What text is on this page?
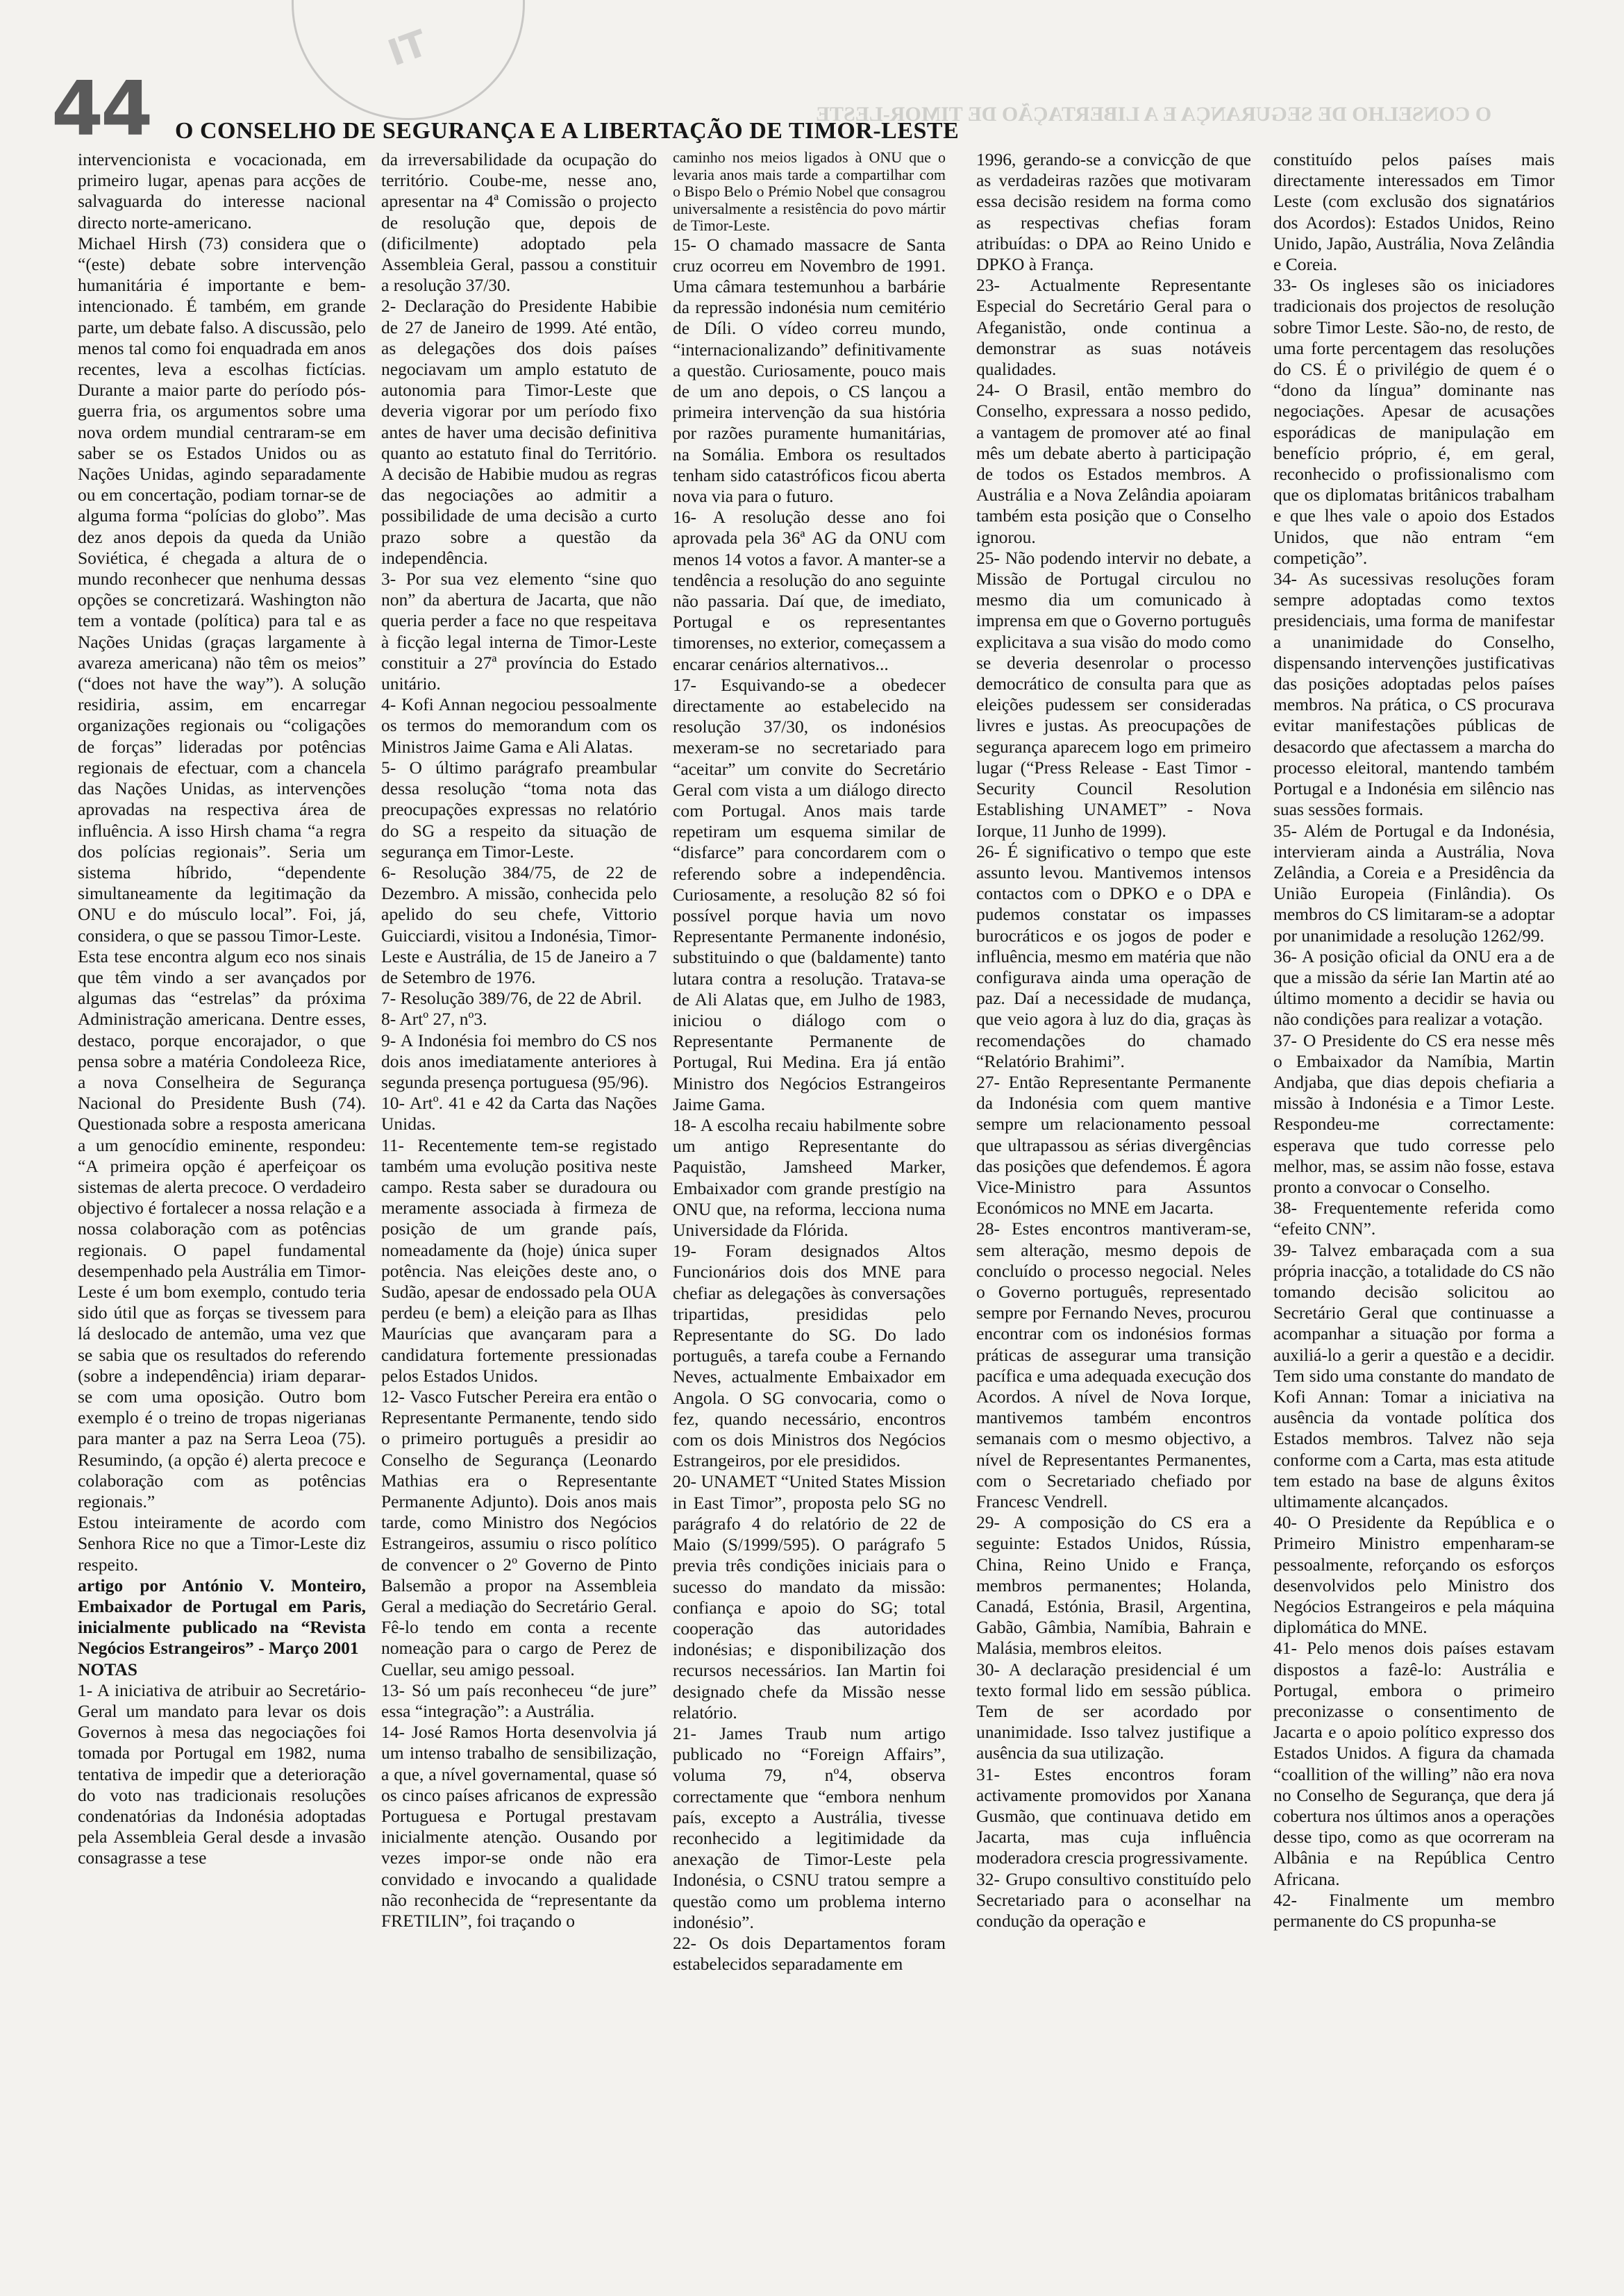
IT
44 O CONSELHO DE SEGURANÇA E A LIBERTAÇÃO DE TIMOR-LESTE
O CONSELHO DE SEGURANÇA E A LIBERTAÇÃO DE TIMOR-LESTE

intervencionista e vocacionada, em primeiro lugar, apenas para acções de salvaguarda do interesse nacional directo norte-americano.

Michael Hirsh (73) considera que o “(este) debate sobre intervenção humanitária é importante e bem-intencionado. É também, em grande parte, um debate falso. A discussão, pelo menos tal como foi enquadrada em anos recentes, leva a escolhas fictícias. Durante a maior parte do período pós-guerra fria, os argumentos sobre uma nova ordem mundial centraram-se em saber se os Estados Unidos ou as Nações Unidas, agindo separadamente ou em concertação, podiam tornar-se de alguma forma “polícias do globo”. Mas dez anos depois da queda da União Soviética, é chegada a altura de o mundo reconhecer que nenhuma dessas opções se concretizará. Washington não tem a vontade (política) para tal e as Nações Unidas (graças largamente à avareza americana) não têm os meios” (“does not have the way”). A solução residiria, assim, em encarregar organizações regionais ou “coligações de forças” lideradas por potências regionais de efectuar, com a chancela das Nações Unidas, as intervenções aprovadas na respectiva área de influência. A isso Hirsh chama “a regra dos polícias regionais”. Seria um sistema híbrido, “dependente simultaneamente da legitimação da ONU e do músculo local”. Foi, já, considera, o que se passou Timor-Leste.

Esta tese encontra algum eco nos sinais que têm vindo a ser avançados por algumas das “estrelas” da próxima Administração americana. Dentre esses, destaco, porque encorajador, o que pensa sobre a matéria Condoleeza Rice, a nova Conselheira de Segurança Nacional do Presidente Bush (74). Questionada sobre a resposta americana a um genocídio eminente, respondeu: “A primeira opção é aperfeiçoar os sistemas de alerta precoce. O verdadeiro objectivo é fortalecer a nossa relação e a nossa colaboração com as potências regionais. O papel fundamental desempenhado pela Austrália em Timor-Leste é um bom exemplo, contudo teria sido útil que as forças se tivessem para lá deslocado de antemão, uma vez que se sabia que os resultados do referendo (sobre a independência) iriam deparar-se com uma oposição. Outro bom exemplo é o treino de tropas nigerianas para manter a paz na Serra Leoa (75). Resumindo, (a opção é) alerta precoce e colaboração com as potências regionais.”

Estou inteiramente de acordo com Senhora Rice no que a Timor-Leste diz respeito.

artigo por António V. Monteiro, Embaixador de Portugal em Paris, inicialmente publicado na “Revista Negócios Estrangeiros” - Março 2001

NOTAS

1- A iniciativa de atribuir ao Secretário-Geral um mandato para levar os dois Governos à mesa das negociações foi tomada por Portugal em 1982, numa tentativa de impedir que a deterioração do voto nas tradicionais resoluções condenatórias da Indonésia adoptadas pela Assembleia Geral desde a invasão consagrasse a tese

da irreversabilidade da ocupação do território. Coube-me, nesse ano, apresentar na 4ª Comissão o projecto de resolução que, depois de (dificilmente) adoptado pela Assembleia Geral, passou a constituir a resolução 37/30.

2- Declaração do Presidente Habibie de 27 de Janeiro de 1999. Até então, as delegações dos dois países negociavam um amplo estatuto de autonomia para Timor-Leste que deveria vigorar por um período fixo antes de haver uma decisão definitiva quanto ao estatuto final do Território. A decisão de Habibie mudou as regras das negociações ao admitir a possibilidade de uma decisão a curto prazo sobre a questão da independência.

3- Por sua vez elemento “sine quo non” da abertura de Jacarta, que não queria perder a face no que respeitava à ficção legal interna de Timor-Leste constituir a 27ª província do Estado unitário.

4- Kofi Annan negociou pessoalmente os termos do memorandum com os Ministros Jaime Gama e Ali Alatas.

5- O último parágrafo preambular dessa resolução “toma nota das preocupações expressas no relatório do SG a respeito da situação de segurança em Timor-Leste.

6- Resolução 384/75, de 22 de Dezembro. A missão, conhecida pelo apelido do seu chefe, Vittorio Guicciardi, visitou a Indonésia, Timor-Leste e Austrália, de 15 de Janeiro a 7 de Setembro de 1976.

7- Resolução 389/76, de 22 de Abril.

8- Artº 27, nº3.

9- A Indonésia foi membro do CS nos dois anos imediatamente anteriores à segunda presença portuguesa (95/96).

10- Artº. 41 e 42 da Carta das Nações Unidas.

11- Recentemente tem-se registado também uma evolução positiva neste campo. Resta saber se duradoura ou meramente associada à firmeza de posição de um grande país, nomeadamente da (hoje) única super potência. Nas eleições deste ano, o Sudão, apesar de endossado pela OUA perdeu (e bem) a eleição para as Ilhas Maurícias que avançaram para a candidatura fortemente pressionadas pelos Estados Unidos.

12- Vasco Futscher Pereira era então o Representante Permanente, tendo sido o primeiro português a presidir ao Conselho de Segurança (Leonardo Mathias era o Representante Permanente Adjunto). Dois anos mais tarde, como Ministro dos Negócios Estrangeiros, assumiu o risco político de convencer o 2º Governo de Pinto Balsemão a propor na Assembleia Geral a mediação do Secretário Geral. Fê-lo tendo em conta a recente nomeação para o cargo de Perez de Cuellar, seu amigo pessoal.

13- Só um país reconheceu “de jure” essa “integração”: a Austrália.

14- José Ramos Horta desenvolvia já um intenso trabalho de sensibilização, a que, a nível governamental, quase só os cinco países africanos de expressão Portuguesa e Portugal prestavam inicialmente atenção. Ousando por vezes impor-se onde não era convidado e invocando a qualidade não reconhecida de “representante da FRETILIN”, foi traçando o

caminho nos meios ligados à ONU que o levaria anos mais tarde a compartilhar com o Bispo Belo o Prémio Nobel que consagrou universalmente a resistência do povo mártir de Timor-Leste.

15- O chamado massacre de Santa cruz ocorreu em Novembro de 1991. Uma câmara testemunhou a barbárie da repressão indonésia num cemitério de Díli. O vídeo correu mundo, “internacionalizando” definitivamente a questão. Curiosamente, pouco mais de um ano depois, o CS lançou a primeira intervenção da sua história por razões puramente humanitárias, na Somália. Embora os resultados tenham sido catastróficos ficou aberta nova via para o futuro.

16- A resolução desse ano foi aprovada pela 36ª AG da ONU com menos 14 votos a favor. A manter-se a tendência a resolução do ano seguinte não passaria. Daí que, de imediato, Portugal e os representantes timorenses, no exterior, começassem a encarar cenários alternativos...

17- Esquivando-se a obedecer directamente ao estabelecido na resolução 37/30, os indonésios mexeram-se no secretariado para “aceitar” um convite do Secretário Geral com vista a um diálogo directo com Portugal. Anos mais tarde repetiram um esquema similar de “disfarce” para concordarem com o referendo sobre a independência. Curiosamente, a resolução 82 só foi possível porque havia um novo Representante Permanente indonésio, substituindo o que (baldamente) tanto lutara contra a resolução. Tratava-se de Ali Alatas que, em Julho de 1983, iniciou o diálogo com o Representante Permanente de Portugal, Rui Medina. Era já então Ministro dos Negócios Estrangeiros Jaime Gama.

18- A escolha recaiu habilmente sobre um antigo Representante do Paquistão, Jamsheed Marker, Embaixador com grande prestígio na ONU que, na reforma, lecciona numa Universidade da Flórida.

19- Foram designados Altos Funcionários dois dos MNE para chefiar as delegações às conversações tripartidas, presididas pelo Representante do SG. Do lado português, a tarefa coube a Fernando Neves, actualmente Embaixador em Angola. O SG convocaria, como o fez, quando necessário, encontros com os dois Ministros dos Negócios Estrangeiros, por ele presididos.

20- UNAMET “United States Mission in East Timor”, proposta pelo SG no parágrafo 4 do relatório de 22 de Maio (S/1999/595). O parágrafo 5 previa três condições iniciais para o sucesso do mandato da missão: confiança e apoio do SG; total cooperação das autoridades indonésias; e disponibilização dos recursos necessários. Ian Martin foi designado chefe da Missão nesse relatório.

21- James Traub num artigo publicado no “Foreign Affairs”, voluma 79, nº4, observa correctamente que “embora nenhum país, excepto a Austrália, tivesse reconhecido a legitimidade da anexação de Timor-Leste pela Indonésia, o CSNU tratou sempre a questão como um problema interno indonésio”.

22- Os dois Departamentos foram estabelecidos separadamente em

1996, gerando-se a convicção de que as verdadeiras razões que motivaram essa decisão residem na forma como as respectivas chefias foram atribuídas: o DPA ao Reino Unido e DPKO à França.

23- Actualmente Representante Especial do Secretário Geral para o Afeganistão, onde continua a demonstrar as suas notáveis qualidades.

24- O Brasil, então membro do Conselho, expressara a nosso pedido, a vantagem de promover até ao final mês um debate aberto à participação de todos os Estados membros. A Austrália e a Nova Zelândia apoiaram também esta posição que o Conselho ignorou.

25- Não podendo intervir no debate, a Missão de Portugal circulou no mesmo dia um comunicado à imprensa em que o Governo português explicitava a sua visão do modo como se deveria desenrolar o processo democrático de consulta para que as eleições pudessem ser consideradas livres e justas. As preocupações de segurança aparecem logo em primeiro lugar (“Press Release - East Timor - Security Council Resolution Establishing UNAMET” - Nova Iorque, 11 Junho de 1999).

26- É significativo o tempo que este assunto levou. Mantivemos intensos contactos com o DPKO e o DPA e pudemos constatar os impasses burocráticos e os jogos de poder e influência, mesmo em matéria que não configurava ainda uma operação de paz. Daí a necessidade de mudança, que veio agora à luz do dia, graças às recomendações do chamado “Relatório Brahimi”.

27- Então Representante Permanente da Indonésia com quem mantive sempre um relacionamento pessoal que ultrapassou as sérias divergências das posições que defendemos. É agora Vice-Ministro para Assuntos Económicos no MNE em Jacarta.

28- Estes encontros mantiveram-se, sem alteração, mesmo depois de concluído o processo negocial. Neles o Governo português, representado sempre por Fernando Neves, procurou encontrar com os indonésios formas práticas de assegurar uma transição pacífica e uma adequada execução dos Acordos. A nível de Nova Iorque, mantivemos também encontros semanais com o mesmo objectivo, a nível de Representantes Permanentes, com o Secretariado chefiado por Francesc Vendrell.

29- A composição do CS era a seguinte: Estados Unidos, Rússia, China, Reino Unido e França, membros permanentes; Holanda, Canadá, Estónia, Brasil, Argentina, Gabão, Gâmbia, Namíbia, Bahrain e Malásia, membros eleitos.

30- A declaração presidencial é um texto formal lido em sessão pública. Tem de ser acordado por unanimidade. Isso talvez justifique a ausência da sua utilização.

31- Estes encontros foram activamente promovidos por Xanana Gusmão, que continuava detido em Jacarta, mas cuja influência moderadora crescia progressivamente.

32- Grupo consultivo constituído pelo Secretariado para o aconselhar na condução da operação e

constituído pelos países mais directamente interessados em Timor Leste (com exclusão dos signatários dos Acordos): Estados Unidos, Reino Unido, Japão, Austrália, Nova Zelândia e Coreia.

33- Os ingleses são os iniciadores tradicionais dos projectos de resolução sobre Timor Leste. São-no, de resto, de uma forte percentagem das resoluções do CS. É o privilégio de quem é o “dono da língua” dominante nas negociações. Apesar de acusações esporádicas de manipulação em benefício próprio, é, em geral, reconhecido o profissionalismo com que os diplomatas britânicos trabalham e que lhes vale o apoio dos Estados Unidos, que não entram “em competição”.

34- As sucessivas resoluções foram sempre adoptadas como textos presidenciais, uma forma de manifestar a unanimidade do Conselho, dispensando intervenções justificativas das posições adoptadas pelos países membros. Na prática, o CS procurava evitar manifestações públicas de desacordo que afectassem a marcha do processo eleitoral, mantendo também Portugal e a Indonésia em silêncio nas suas sessões formais.

35- Além de Portugal e da Indonésia, intervieram ainda a Austrália, Nova Zelândia, a Coreia e a Presidência da União Europeia (Finlândia). Os membros do CS limitaram-se a adoptar por unanimidade a resolução 1262/99.

36- A posição oficial da ONU era a de que a missão da série Ian Martin até ao último momento a decidir se havia ou não condições para realizar a votação.

37- O Presidente do CS era nesse mês o Embaixador da Namíbia, Martin Andjaba, que dias depois chefiaria a missão à Indonésia e a Timor Leste. Respondeu-me correctamente: esperava que tudo corresse pelo melhor, mas, se assim não fosse, estava pronto a convocar o Conselho.

38- Frequentemente referida como “efeito CNN”.

39- Talvez embaraçada com a sua própria inacção, a totalidade do CS não tomando decisão solicitou ao Secretário Geral que continuasse a acompanhar a situação por forma a auxiliá-lo a gerir a questão e a decidir. Tem sido uma constante do mandato de Kofi Annan: Tomar a iniciativa na ausência da vontade política dos Estados membros. Talvez não seja conforme com a Carta, mas esta atitude tem estado na base de alguns êxitos ultimamente alcançados.

40- O Presidente da República e o Primeiro Ministro empenharam-se pessoalmente, reforçando os esforços desenvolvidos pelo Ministro dos Negócios Estrangeiros e pela máquina diplomática do MNE.

41- Pelo menos dois países estavam dispostos a fazê-lo: Austrália e Portugal, embora o primeiro preconizasse o consentimento de Jacarta e o apoio político expresso dos Estados Unidos. A figura da chamada “coallition of the willing” não era nova no Conselho de Segurança, que dera já cobertura nos últimos anos a operações desse tipo, como as que ocorreram na Albânia e na República Centro Africana.

42- Finalmente um membro permanente do CS propunha-se
